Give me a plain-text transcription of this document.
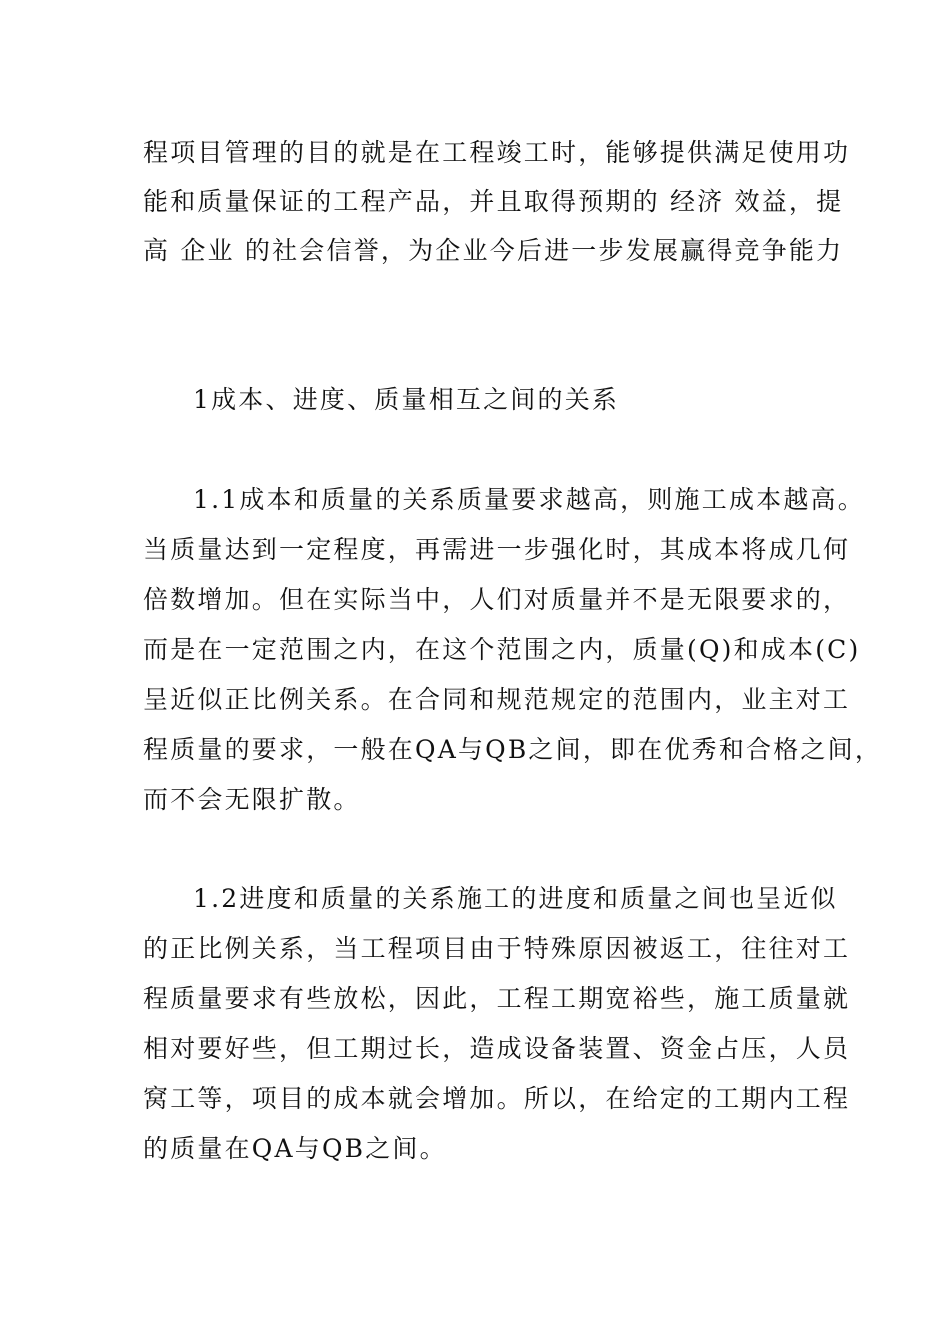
程项目管理的目的就是在工程竣工时，能够提供满足使用功
能和质量保证的工程产品，并且取得预期的 经济 效益，提
高 企业 的社会信誉，为企业今后进一步发展赢得竞争能力
1成本、进度、质量相互之间的关系
1.1成本和质量的关系质量要求越高，则施工成本越高。
当质量达到一定程度，再需进一步强化时，其成本将成几何
倍数增加。但在实际当中，人们对质量并不是无限要求的，
而是在一定范围之内，在这个范围之内，质量(Q)和成本(C)
呈近似正比例关系。在合同和规范规定的范围内，业主对工
程质量的要求，一般在QA与QB之间，即在优秀和合格之间，
而不会无限扩散。
1.2进度和质量的关系施工的进度和质量之间也呈近似
的正比例关系，当工程项目由于特殊原因被返工，往往对工
程质量要求有些放松，因此，工程工期宽裕些，施工质量就
相对要好些，但工期过长，造成设备装置、资金占压，人员
窝工等，项目的成本就会增加。所以，在给定的工期内工程
的质量在QA与QB之间。
